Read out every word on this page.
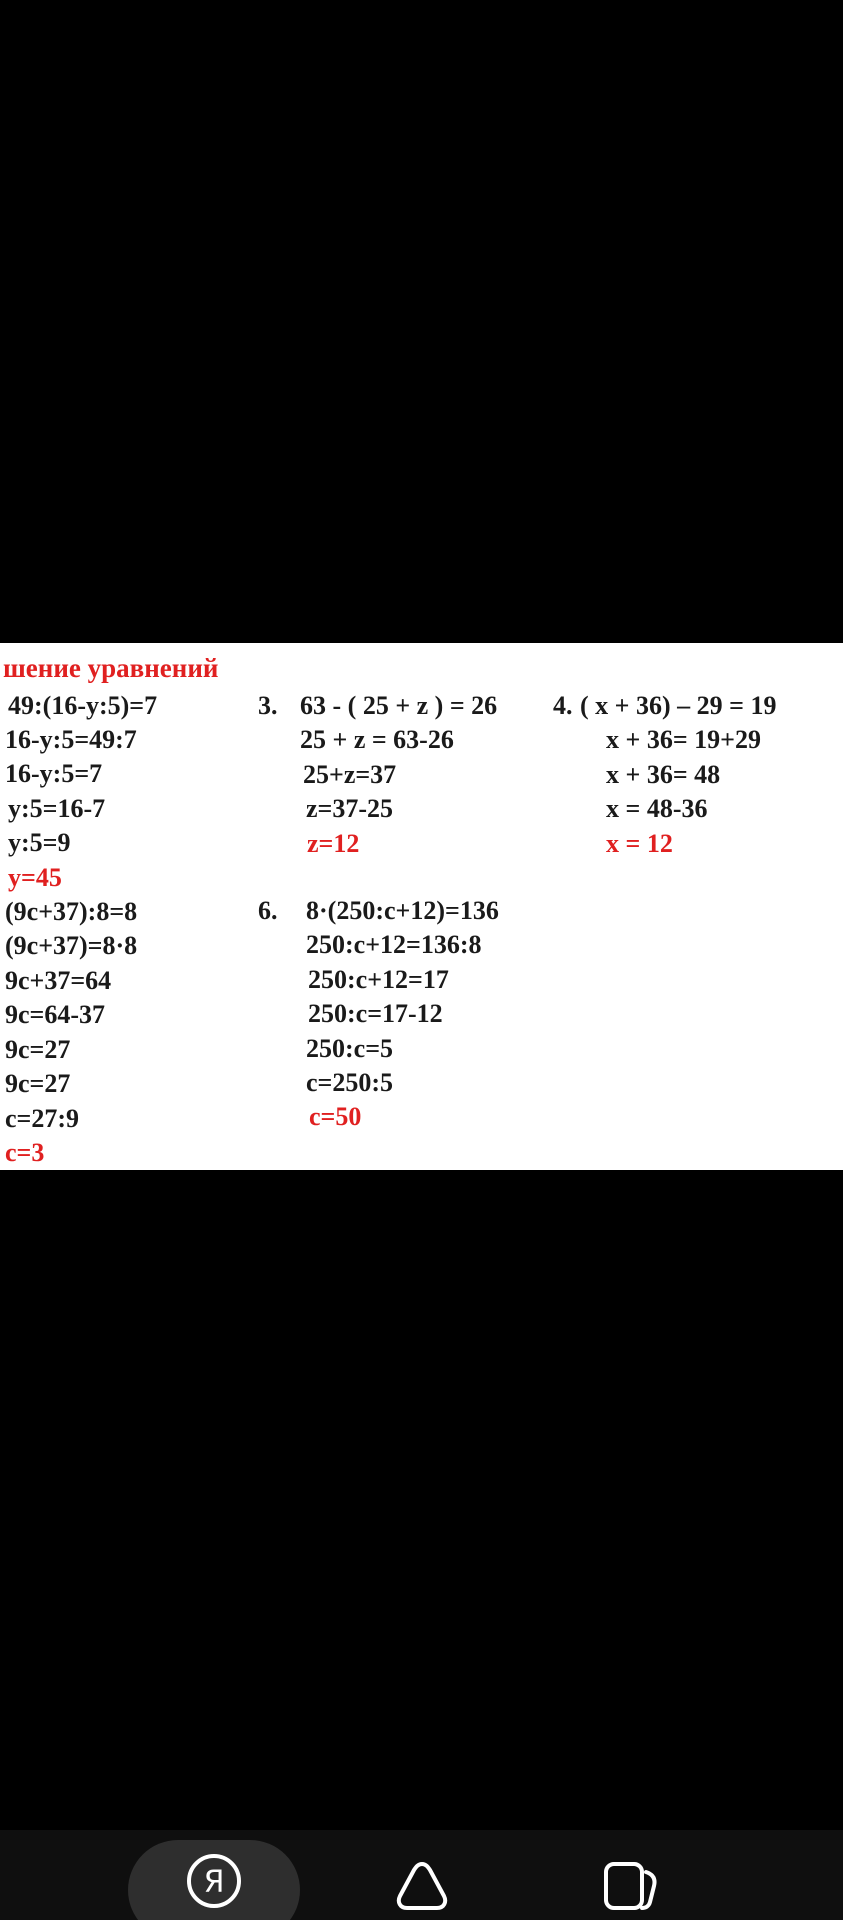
шение уравнений
49:(16-y:5)=7
16-y:5=49:7
16-y:5=7
y:5=16-7
y:5=9
y=45
(9c+37):8=8
(9c+37)=8·8
9c+37=64
9c=64-37
9c=27
9c=27
c=27:9
c=3
3. 63 - ( 25 + z ) = 26
25 + z = 63-26
25+z=37
z=37-25
z=12
4. ( x + 36) – 29 = 19
x + 36= 19+29
x + 36= 48
x = 48-36
x = 12
6. 8·(250:c+12)=136
250:c+12=136:8
250:c+12=17
250:c=17-12
250:c=5
c=250:5
c=50
Я
